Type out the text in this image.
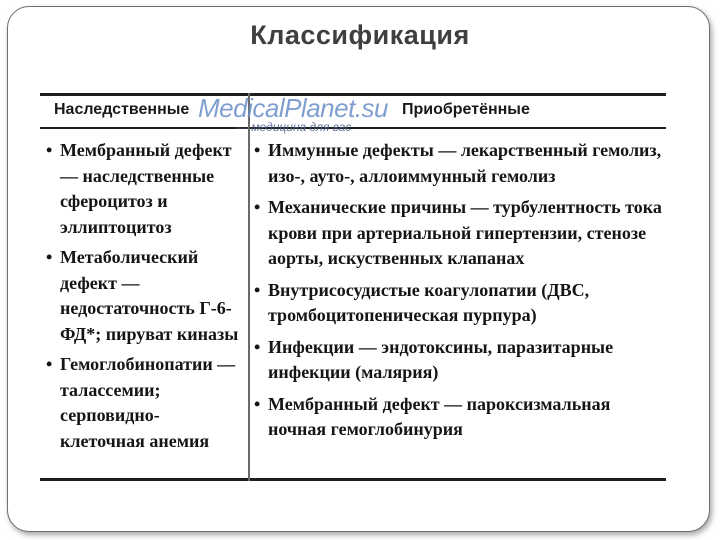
Классификация
Наследственные	Приобретённые
MedicalPlanet.su
— медицина для вас
• Мембранный дефект — наследственные сфероцитоз и эллиптоцитоз
• Метаболический дефект — недостаточность Г-6-ФД*; пируват киназы
• Гемоглобинопатии — талассемии; серповидно-клеточная анемия
• Иммунные дефекты — лекарственный гемолиз, изо-, ауто-, аллоиммунный гемолиз
• Механические причины — турбулентность тока крови при артериальной гипертензии, стенозе аорты, искуственных клапанах
• Внутрисосудистые коагулопатии (ДВС, тромбоцитопеническая пурпура)
• Инфекции — эндотоксины, паразитарные инфекции (малярия)
• Мембранный дефект — пароксизмальная ночная гемоглобинурия
